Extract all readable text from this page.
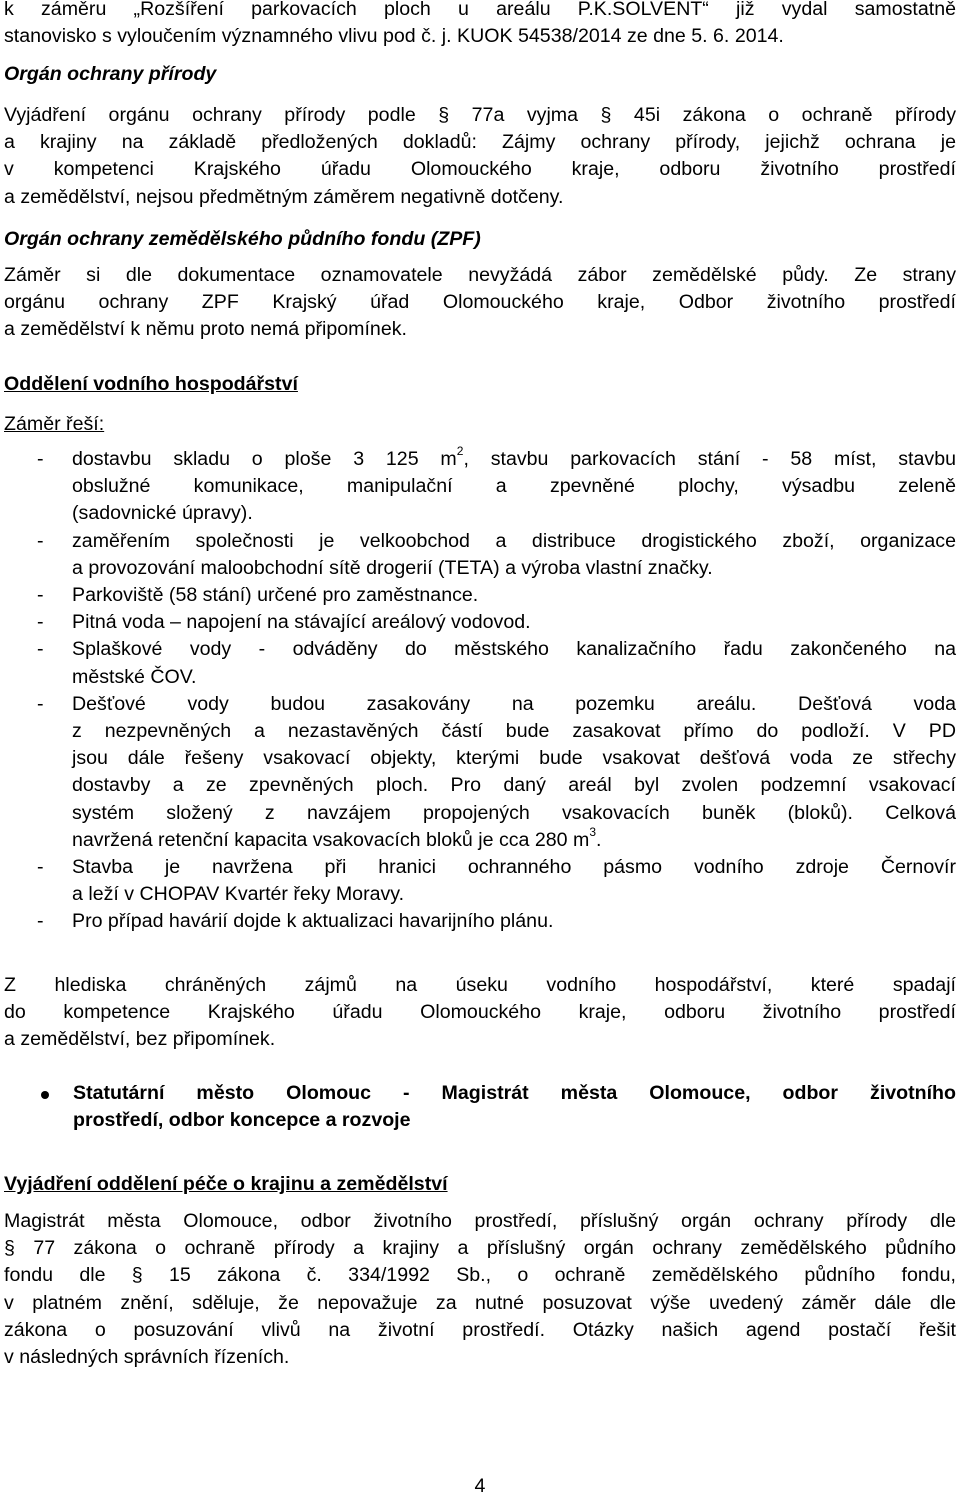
k záměru „Rozšíření parkovacích ploch u areálu P.K.SOLVENT“ již vydal samostatně

stanovisko s vyloučením významného vlivu pod č. j. KUOK 54538/2014 ze dne 5. 6. 2014.

Orgán ochrany přírody

Vyjádření orgánu ochrany přírody podle § 77a vyjma § 45i zákona o ochraně přírody

a krajiny na základě předložených dokladů: Zájmy ochrany přírody, jejichž ochrana je

v kompetenci Krajského úřadu Olomouckého kraje, odboru životního prostředí

a zemědělství, nejsou předmětným záměrem negativně dotčeny.

Orgán ochrany zemědělského půdního fondu (ZPF)

Záměr si dle dokumentace oznamovatele nevyžádá zábor zemědělské půdy. Ze strany

orgánu ochrany ZPF Krajský úřad Olomouckého kraje, Odbor životního prostředí

a zemědělství k němu proto nemá připomínek.

Oddělení vodního hospodářství
Záměr řeší:
- dostavbu skladu o ploše 3 125 $m^2$, stavbu parkovacích stání - 58 míst, stavbu

obslužné komunikace, manipulační a zpevněné plochy, výsadbu zeleně

(sadovnické úpravy).

- zaměřením společnosti je velkoobchod a distribuce drogistického zboží, organizace

a provozování maloobchodní sítě drogerií (TETA) a výroba vlastní značky.

- Parkoviště (58 stání) určené pro zaměstnance.

- Pitná voda – napojení na stávající areálový vodovod.

- Splaškové vody - odváděny do městského kanalizačního řadu zakončeného na

městské ČOV.

- Dešťové vody budou zasakovány na pozemku areálu. Dešťová voda

z nezpevněných a nezastavěných částí bude zasakovat přímo do podloží. V PD

jsou dále řešeny vsakovací objekty, kterými bude vsakovat dešťová voda ze střechy

dostavby a ze zpevněných ploch. Pro daný areál byl zvolen podzemní vsakovací

systém složený z navzájem propojených vsakovacích buněk (bloků). Celková

navržená retenční kapacita vsakovacích bloků je cca 280 $m^3$.

- Stavba je navržena při hranici ochranného pásmo vodního zdroje Černovír

a leží v CHOPAV Kvartér řeky Moravy.

- Pro případ havárií dojde k aktualizaci havarijního plánu.

Z hlediska chráněných zájmů na úseku vodního hospodářství, které spadají

do kompetence Krajského úřadu Olomouckého kraje, odboru životního prostředí

a zemědělství, bez připomínek.

Statutární město Olomouc - Magistrát města Olomouce, odbor životního

prostředí, odbor koncepce a rozvoje

Vyjádření oddělení péče o krajinu a zemědělství

Magistrát města Olomouce, odbor životního prostředí, příslušný orgán ochrany přírody dle

§ 77 zákona o ochraně přírody a krajiny a příslušný orgán ochrany zemědělského půdního

fondu dle § 15 zákona č. 334/1992 Sb., o ochraně zemědělského půdního fondu,

v platném znění, sděluje, že nepovažuje za nutné posuzovat výše uvedený záměr dále dle

zákona o posuzování vlivů na životní prostředí. Otázky našich agend postačí řešit

v následných správních řízeních.

4
